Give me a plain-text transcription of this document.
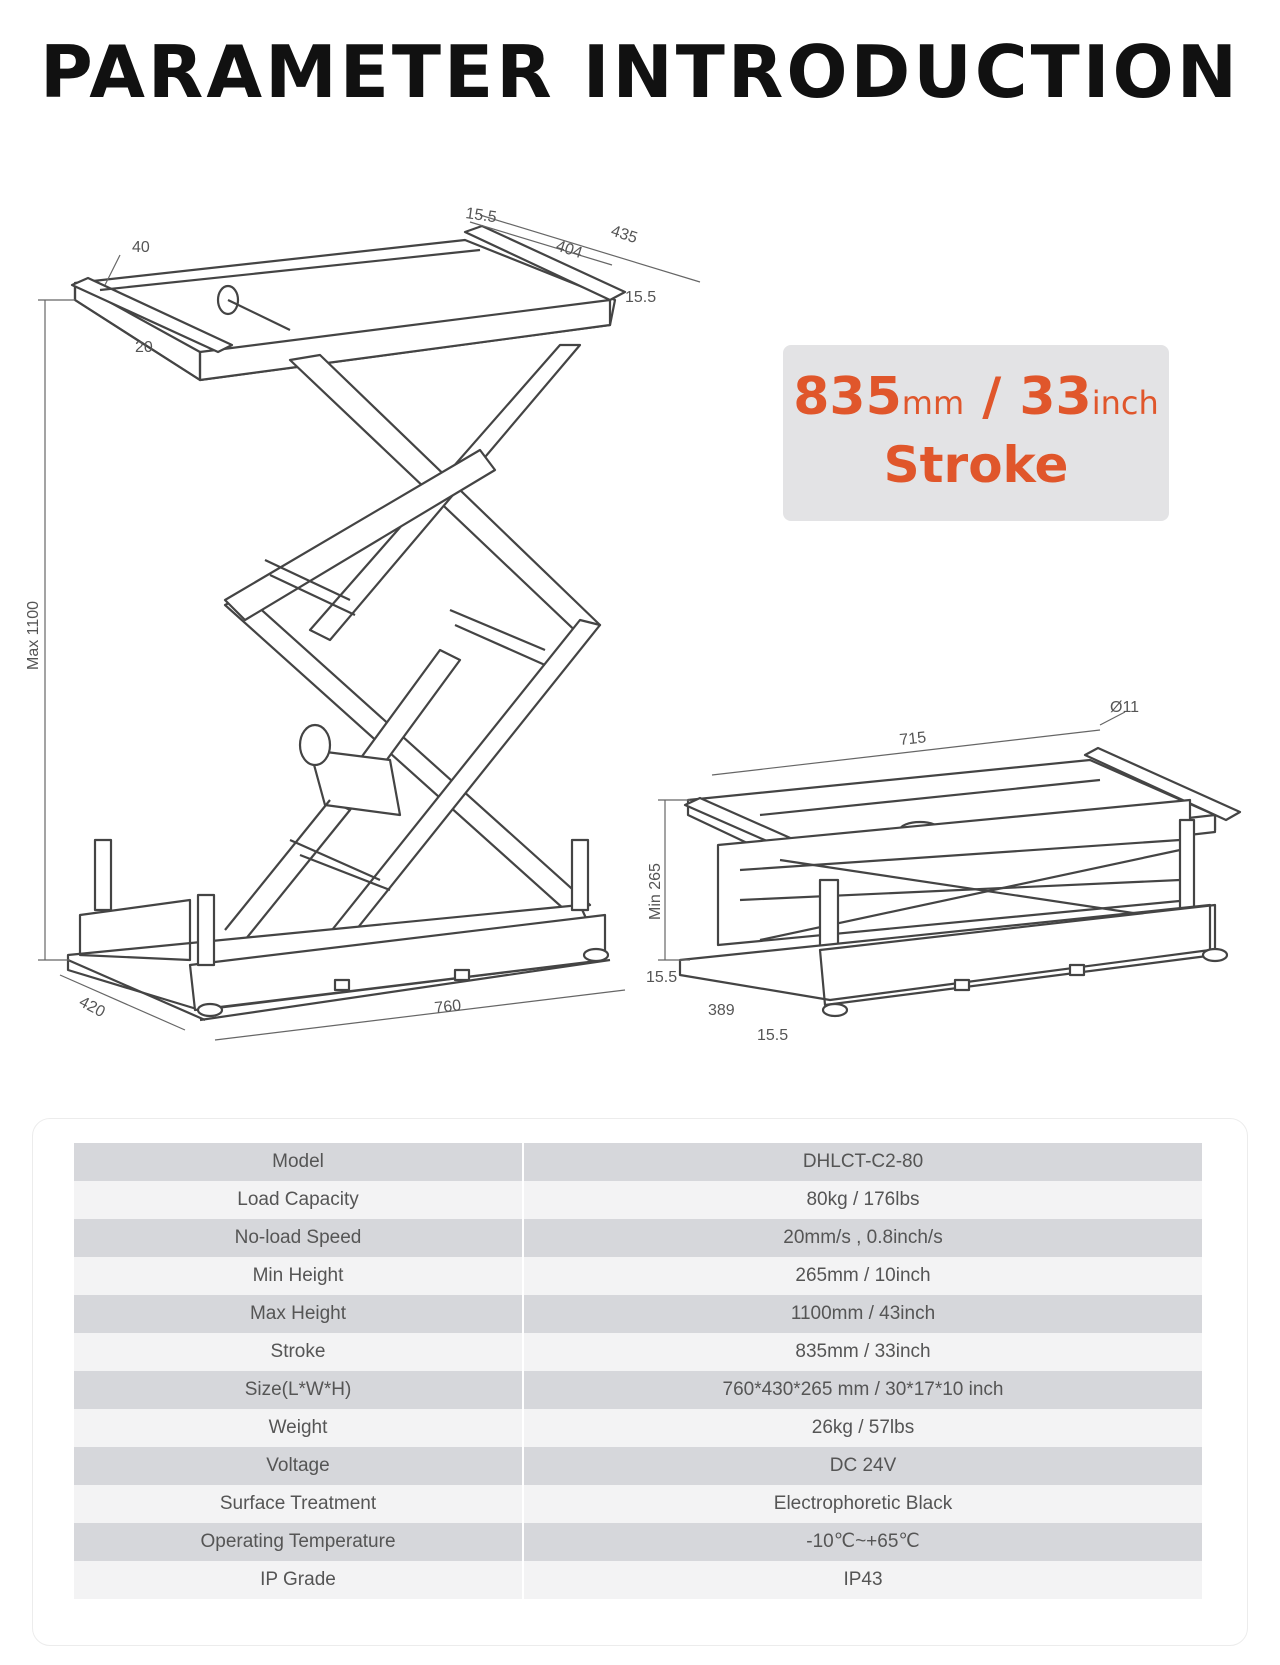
PARAMETER INTRODUCTION
15.5
435
404
15.5
40
20
Max 1100
420	760
Ø11
715
Min 265
15.5
389
15.5
835mm / 33inch
Stroke
Model	DHLCT-C2-80
Load Capacity	80kg / 176lbs
No-load Speed	20mm/s , 0.8inch/s
Min Height	265mm / 10inch
Max Height	1100mm / 43inch
Stroke	835mm / 33inch
Size(L*W*H)	760*430*265 mm / 30*17*10 inch
Weight	26kg / 57lbs
Voltage	DC 24V
Surface Treatment	Electrophoretic Black
Operating Temperature	-10℃~+65℃
IP Grade	IP43
